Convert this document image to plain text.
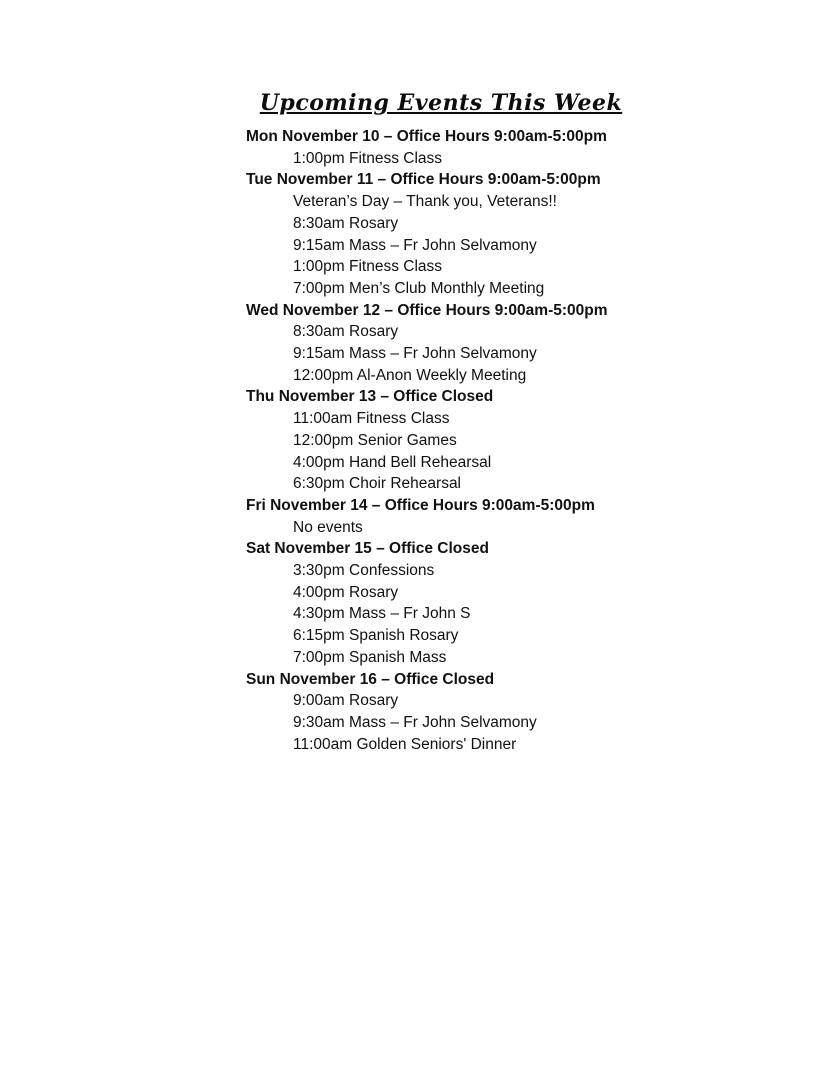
Upcoming Events This Week
Mon November 10 – Office Hours 9:00am-5:00pm
1:00pm Fitness Class
Tue November 11 – Office Hours 9:00am-5:00pm
Veteran’s Day – Thank you, Veterans!!
8:30am Rosary
9:15am Mass – Fr John Selvamony
1:00pm Fitness Class
7:00pm Men’s Club Monthly Meeting
Wed November 12 – Office Hours 9:00am-5:00pm
8:30am Rosary
9:15am Mass – Fr John Selvamony
12:00pm Al-Anon Weekly Meeting
Thu November 13 – Office Closed
11:00am Fitness Class
12:00pm Senior Games
4:00pm Hand Bell Rehearsal
6:30pm Choir Rehearsal
Fri November 14 – Office Hours 9:00am-5:00pm
No events
Sat November 15 – Office Closed
3:30pm Confessions
4:00pm Rosary
4:30pm Mass – Fr John S
6:15pm Spanish Rosary
7:00pm Spanish Mass
Sun November 16 – Office Closed
9:00am Rosary
9:30am Mass – Fr John Selvamony
11:00am Golden Seniors' Dinner
